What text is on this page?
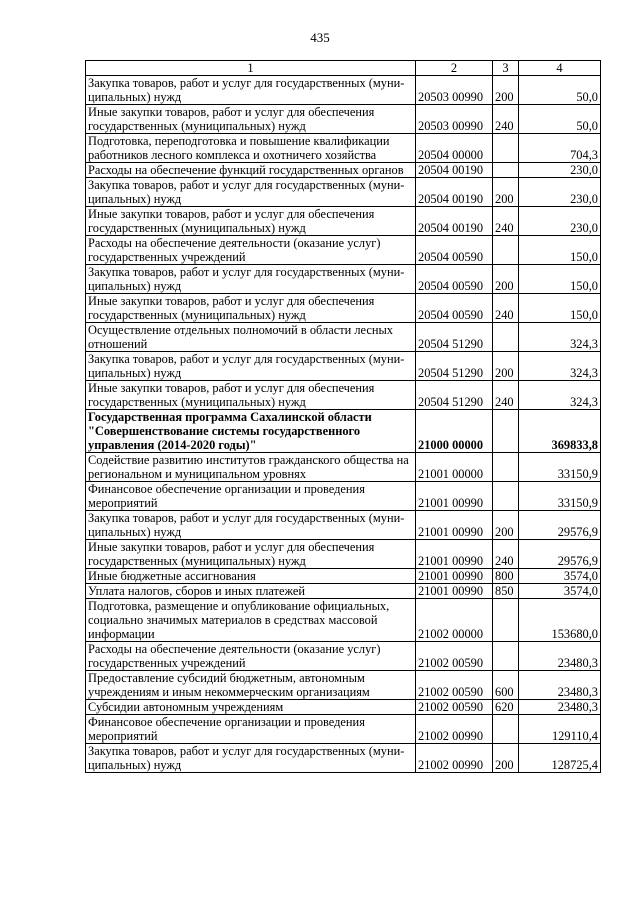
435
1	2	3	4
Закупка товаров, работ и услуг для государственных (муни-ципальных) нужд	20503 00990	200	50,0
Иные закупки товаров, работ и услуг для обеспечения государственных (муниципальных) нужд	20503 00990	240	50,0
Подготовка, переподготовка и повышение квалификации работников лесного комплекса и охотничего хозяйства	20504 00000		704,3
Расходы на обеспечение функций государственных органов	20504 00190		230,0
Закупка товаров, работ и услуг для государственных (муни-ципальных) нужд	20504 00190	200	230,0
Иные закупки товаров, работ и услуг для обеспечения государственных (муниципальных) нужд	20504 00190	240	230,0
Расходы на обеспечение деятельности (оказание услуг) государственных учреждений	20504 00590		150,0
Закупка товаров, работ и услуг для государственных (муни-ципальных) нужд	20504 00590	200	150,0
Иные закупки товаров, работ и услуг для обеспечения государственных (муниципальных) нужд	20504 00590	240	150,0
Осуществление отдельных полномочий в области лесных отношений	20504 51290		324,3
Закупка товаров, работ и услуг для государственных (муни-ципальных) нужд	20504 51290	200	324,3
Иные закупки товаров, работ и услуг для обеспечения государственных (муниципальных) нужд	20504 51290	240	324,3
Государственная программа Сахалинской области "Совершенствование системы государственного управления (2014-2020 годы)"	21000 00000		369833,8
Содействие развитию институтов гражданского общества на региональном и муниципальном уровнях	21001 00000		33150,9
Финансовое обеспечение организации и проведения мероприятий	21001 00990		33150,9
Закупка товаров, работ и услуг для государственных (муни-ципальных) нужд	21001 00990	200	29576,9
Иные закупки товаров, работ и услуг для обеспечения государственных (муниципальных) нужд	21001 00990	240	29576,9
Иные бюджетные ассигнования	21001 00990	800	3574,0
Уплата налогов, сборов и иных платежей	21001 00990	850	3574,0
Подготовка, размещение и опубликование официальных, социально значимых материалов в средствах массовой информации	21002 00000		153680,0
Расходы на обеспечение деятельности (оказание услуг) государственных учреждений	21002 00590		23480,3
Предоставление субсидий бюджетным, автономным учреждениям и иным некоммерческим организациям	21002 00590	600	23480,3
Субсидии автономным учреждениям	21002 00590	620	23480,3
Финансовое обеспечение организации и проведения мероприятий	21002 00990		129110,4
Закупка товаров, работ и услуг для государственных (муни-ципальных) нужд	21002 00990	200	128725,4
